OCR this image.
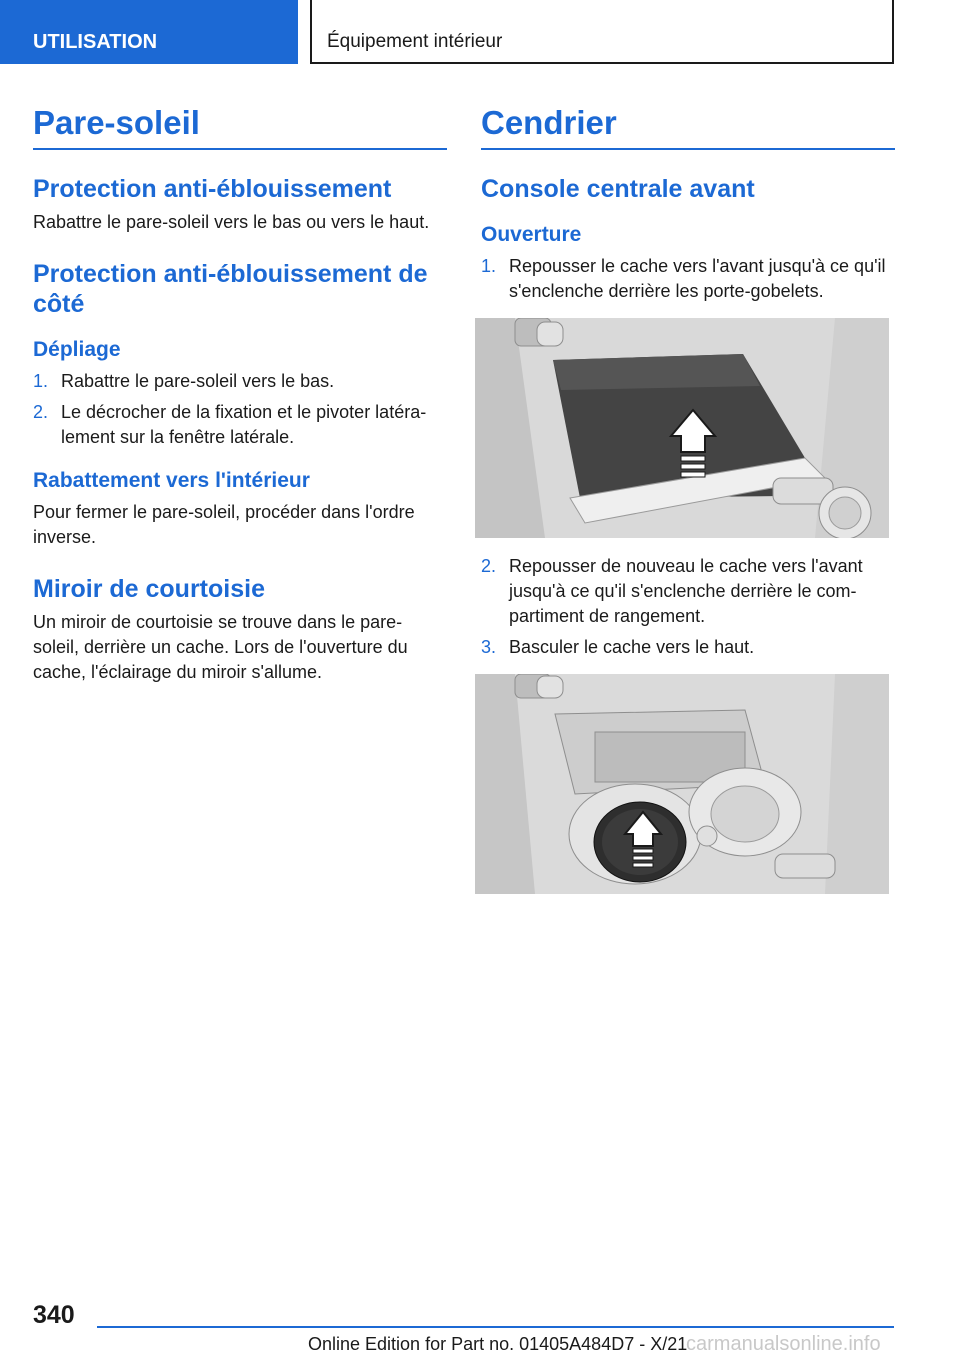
UTILISATION	Équipement intérieur
Pare-soleil
Protection anti-éblouissement

Rabattre le pare-soleil vers le bas ou vers le haut.

Protection anti-éblouissement de côté
Dépliage
1. Rabattre le pare-soleil vers le bas.
2. Le décrocher de la fixation et le pivoter latéralement sur la fenêtre latérale.
Rabattement vers l'intérieur

Pour fermer le pare-soleil, procéder dans l'ordre inverse.

Miroir de courtoisie

Un miroir de courtoisie se trouve dans le pare-soleil, derrière un cache. Lors de l'ouverture du cache, l'éclairage du miroir s'allume.

Cendrier
Console centrale avant
Ouverture
1. Repousser le cache vers l'avant jusqu'à ce qu'il s'enclenche derrière les porte-gobelets.
2. Repousser de nouveau le cache vers l'avant jusqu'à ce qu'il s'enclenche derrière le compartiment de rangement.
3. Basculer le cache vers le haut.
340
Online Edition for Part no. 01405A484D7 - X/21
carmanualsonline.info
